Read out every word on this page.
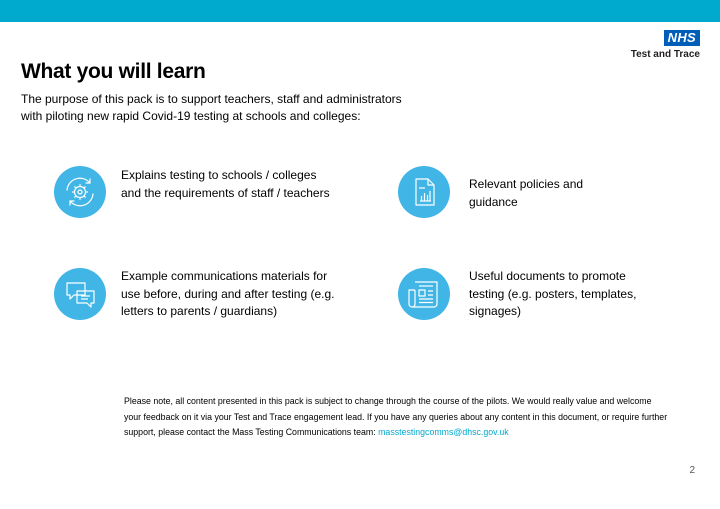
NHS
Test and Trace
What you will learn
The purpose of this pack is to support teachers, staff and administrators with piloting new rapid Covid-19 testing at schools and colleges:
Explains testing to schools / colleges and the requirements of staff / teachers
Relevant policies and guidance
Example communications materials for use before, during and after testing (e.g. letters to parents / guardians)
Useful documents to promote testing (e.g. posters, templates, signages)
Please note, all content presented in this pack is subject to change through the course of the pilots. We would really value and welcome your feedback on it via your Test and Trace engagement lead. If you have any queries about any content in this document, or require further support, please contact the Mass Testing Communications team: masstestingcomms@dhsc.gov.uk
2
